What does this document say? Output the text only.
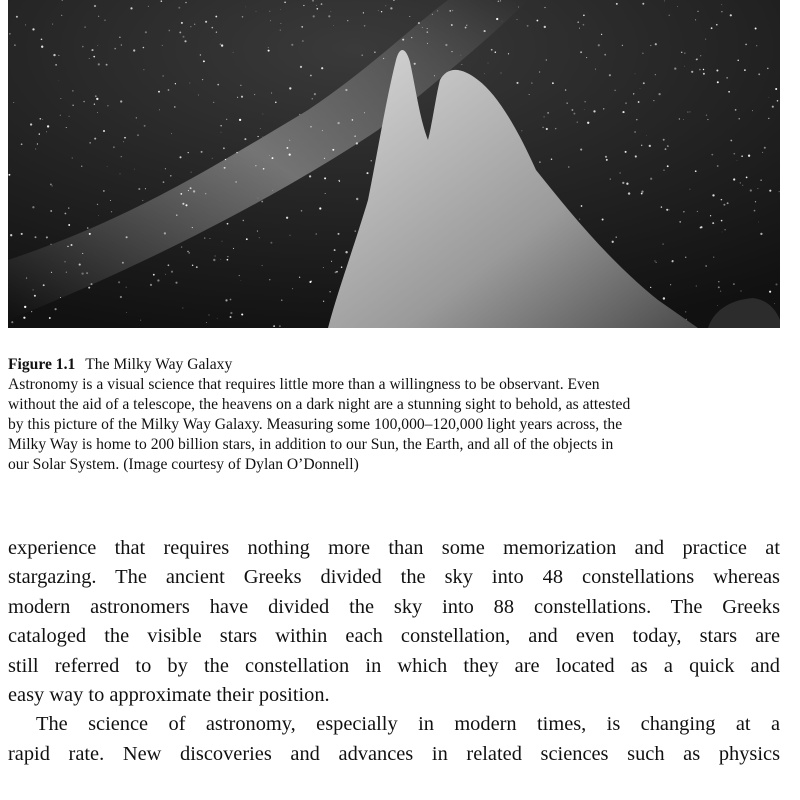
Figure 1.1 The Milky Way Galaxy
Astronomy is a visual science that requires little more than a willingness to be observant. Even
without the aid of a telescope, the heavens on a dark night are a stunning sight to behold, as attested
by this picture of the Milky Way Galaxy. Measuring some 100,000–120,000 light years across, the
Milky Way is home to 200 billion stars, in addition to our Sun, the Earth, and all of the objects in
our Solar System. (Image courtesy of Dylan O’Donnell)
experience that requires nothing more than some memorization and practice at
stargazing. The ancient Greeks divided the sky into 48 constellations whereas
modern astronomers have divided the sky into 88 constellations. The Greeks
cataloged the visible stars within each constellation, and even today, stars are
still referred to by the constellation in which they are located as a quick and
easy way to approximate their position.
The science of astronomy, especially in modern times, is changing at a
rapid rate. New discoveries and advances in related sciences such as physics
